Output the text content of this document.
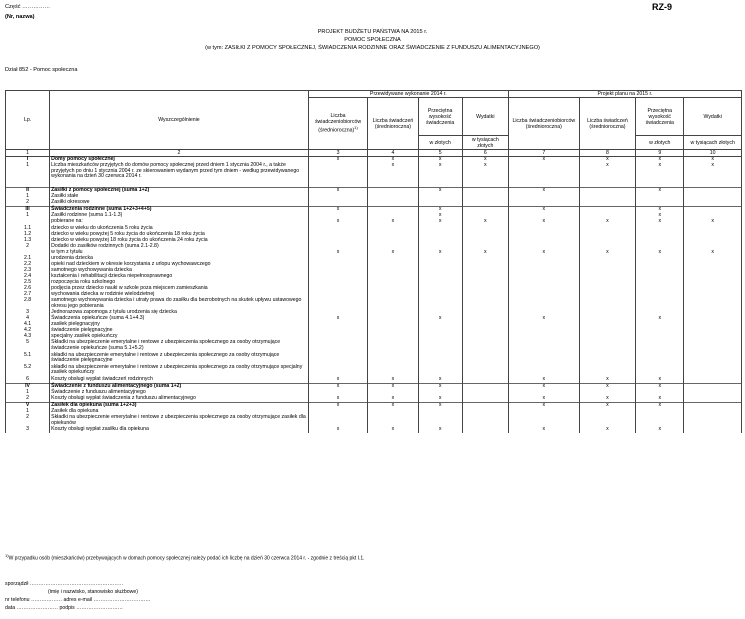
Część ……………
(Nr, nazwa)
RZ-9
PROJEKT BUDŻETU PAŃSTWA NA 2015 r.
POMOC SPOŁECZNA
(w tym: ZASIŁKI Z POMOCY SPOŁECZNEJ, ŚWIADCZENIA RODZINNE ORAZ ŚWIADCZENIE Z FUNDUSZU ALIMENTACYJNEGO)
Dział 852 - Pomoc społeczna
Lp.	Wyszczególnienie	Przewidywane wykonanie 2014 r.				Projekt planu na 2015 r.			
		Liczba świadczeniobiorców (średnioroczna)$^{1)}$	Liczba świadczeń (średnioroczna)	Przeciętna wysokość świadczenia	Wydatki	Liczba świadczeniobiorców (średnioroczna)	Liczba świadczeń (średnioroczna)	Przeciętna wysokość świadczenia	Wydatki
				w złotych	w tysiącach złotych			w złotych	w tysiącach złotych
1	2	3	4	5	6	7	8	9	10
I	Domy pomocy społecznej	x	x	x	x	x	x	x	x
1	Liczba mieszkańców przyjętych do domów pomocy społecznej przed dniem 1 stycznia 2004 r., a także przyjętych po dniu 1 stycznia 2004 r. ze skierowaniem wydanym przed tym dniem - według przewidywanego wykonania na dzień 30 czerwca 2014 r.		x	x	x		x	x	x
II	Zasiłki z pomocy społecznej (suma 1+2)	x		x		x		x	
1	Zasiłki stałe								
2	Zasiłki okresowe								
III	Świadczenia rodzinne (suma 1+2+3+4+5)	x		x		x		x	
1	Zasiłki rodzinne (suma 1.1-1.3)			x				x	
	pobierane na:	x	x	x	x	x	x	x	x
1.1	dziecko w wieku do ukończenia 5 roku życia								
1.2	dziecko w wieku powyżej 5 roku życia do ukończenia 18 roku życia								
1.3	dziecko w wieku powyżej 18 roku życia do ukończenia 24 roku życia								
2	Dodatki do zasiłków rodzinnych (suma 2.1-2.8)								
	w tym z tytułu	x	x	x	x	x	x	x	x
2.1	urodzenia dziecka								
2.2	opieki nad dzieckiem w okresie korzystania z urlopu wychowawczego								
2.3	samotnego wychowywania dziecka								
2.4	kształcenia i rehabilitacji dziecka niepełnosprawnego								
2.5	rozpoczęcia roku szkolnego								
2.6	podjęcia przez dziecko nauki w szkole poza miejscem zamieszkania								
2.7	wychowania dziecka w rodzinie wielodzietnej								
2.8	samotnego wychowywania dziecka i utraty prawa do zasiłku dla bezrobotnych na skutek upływu ustawowego okresu jego pobierania								
3	Jednorazowa zapomoga z tytułu urodzenia się dziecka								
4	Świadczenia opiekuńcze (suma 4.1+4.3)	x		x		x		x	
4.1	zasiłek pielęgnacyjny								
4.2	świadczenie pielęgnacyjne								
4.3	specjalny zasiłek opiekuńczy								
5	Składki na ubezpieczenie emerytalne i rentowe z ubezpieczenia społecznego za osoby otrzymujące świadczenie opiekuńcze (suma 5.1+5.2)								
5.1	składki na ubezpieczenie emerytalne i rentowe z ubezpieczenia społecznego za osoby otrzymujące świadczenie pielęgnacyjne								
5.2	składki na ubezpieczenie emerytalne i rentowe z ubezpieczenia społecznego za osoby otrzymujące specjalny zasiłek opiekuńczy								
6	Koszty obsługi wypłat świadczeń rodzinnych	x	x	x		x	x	x	
IV	Świadczenie z funduszu alimentacyjnego (suma 1+2)	x	x	x		x	x	x	
1	Świadczenie z funduszu alimentacyjnego								
2	Koszty obsługi wypłat świadczenia z funduszu alimentacyjnego	x	x	x		x	x	x	
V	Zasiłek dla opiekuna (suma 1+2+3)	x	x	x		x	x	x	
1	Zasiłek dla opiekuna								
2	Składki na ubezpieczenie emerytalne i rentowe z ubezpieczenia społecznego za osoby otrzymujące zasiłek dla opiekunów								
3	Koszty obsługi wypłat zasiłku dla opiekuna	x	x	x		x	x	x	
$^{1)}$W przypadku osób (mieszkańców) przebywających w domach pomocy społecznej należy podać ich liczbę na dzień 30 czerwca 2014 r. - zgodnie z treścią pkt I.1.
sporządził ………………………………………………
(imię i nazwisko, stanowisko służbowe)
nr telefonu ……………… adres e-mail ……………………………
data …………………… podpis ………………………
